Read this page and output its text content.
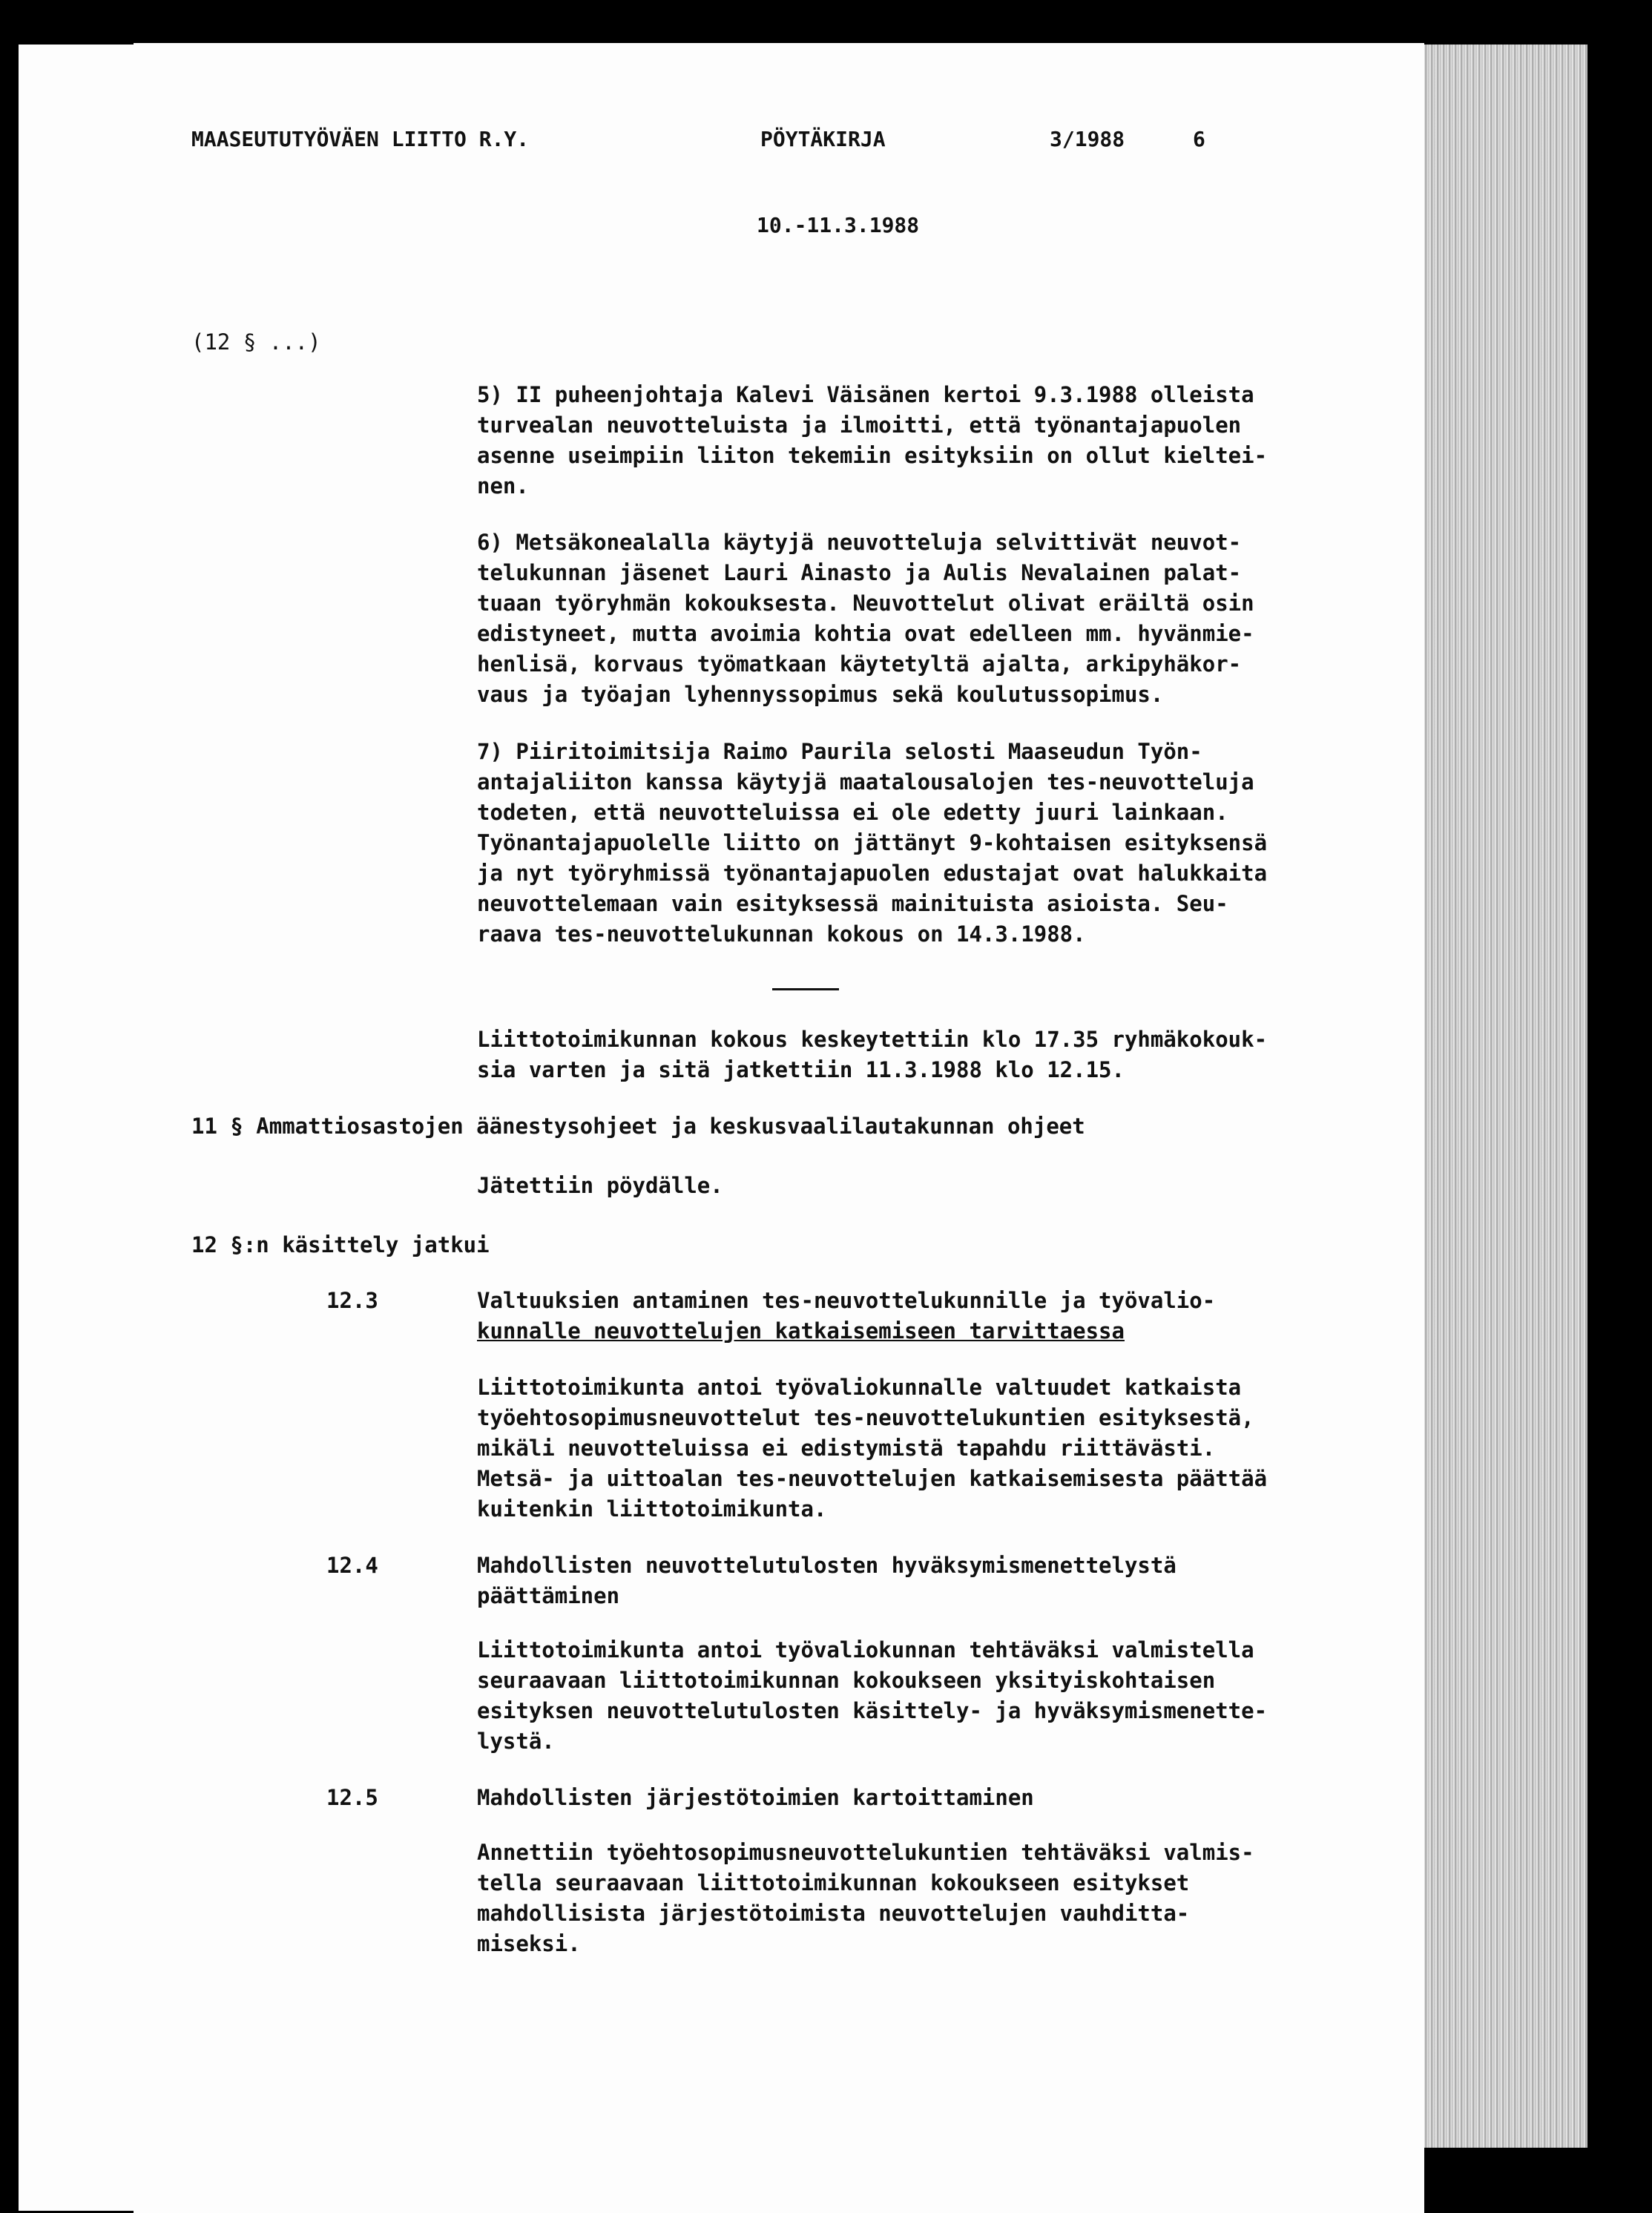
MAASEUTUTYÖVÄEN LIITTO R.Y.	PÖYTÄKIRJA	3/1988	6
10.-11.3.1988
(12 § ...)
5) II puheenjohtaja Kalevi Väisänen kertoi 9.3.1988 olleista
turvealan neuvotteluista ja ilmoitti, että työnantajapuolen
asenne useimpiin liiton tekemiin esityksiin on ollut kieltei-
nen.
6) Metsäkonealalla käytyjä neuvotteluja selvittivät neuvot-
telukunnan jäsenet Lauri Ainasto ja Aulis Nevalainen palat-
tuaan työryhmän kokouksesta. Neuvottelut olivat eräiltä osin
edistyneet, mutta avoimia kohtia ovat edelleen mm. hyvänmie-
henlisä, korvaus työmatkaan käytetyltä ajalta, arkipyhäkor-
vaus ja työajan lyhennyssopimus sekä koulutussopimus.
7) Piiritoimitsija Raimo Paurila selosti Maaseudun Työn-
antajaliiton kanssa käytyjä maatalousalojen tes-neuvotteluja
todeten, että neuvotteluissa ei ole edetty juuri lainkaan.
Työnantajapuolelle liitto on jättänyt 9-kohtaisen esityksensä
ja nyt työryhmissä työnantajapuolen edustajat ovat halukkaita
neuvottelemaan vain esityksessä mainituista asioista. Seu-
raava tes-neuvottelukunnan kokous on 14.3.1988.
Liittotoimikunnan kokous keskeytettiin klo 17.35 ryhmäkokouk-
sia varten ja sitä jatkettiin 11.3.1988 klo 12.15.
11 § Ammattiosastojen äänestysohjeet ja keskusvaalilautakunnan ohjeet
Jätettiin pöydälle.
12 §:n käsittely jatkui
12.3	Valtuuksien antaminen tes-neuvottelukunnille ja työvalio-
kunnalle neuvottelujen katkaisemiseen tarvittaessa
Liittotoimikunta antoi työvaliokunnalle valtuudet katkaista
työehtosopimusneuvottelut tes-neuvottelukuntien esityksestä,
mikäli neuvotteluissa ei edistymistä tapahdu riittävästi.
Metsä- ja uittoalan tes-neuvottelujen katkaisemisesta päättää
kuitenkin liittotoimikunta.
12.4	Mahdollisten neuvottelutulosten hyväksymismenettelystä
päättäminen
Liittotoimikunta antoi työvaliokunnan tehtäväksi valmistella
seuraavaan liittotoimikunnan kokoukseen yksityiskohtaisen
esityksen neuvottelutulosten käsittely- ja hyväksymismenette-
lystä.
12.5	Mahdollisten järjestötoimien kartoittaminen
Annettiin työehtosopimusneuvottelukuntien tehtäväksi valmis-
tella seuraavaan liittotoimikunnan kokoukseen esitykset
mahdollisista järjestötoimista neuvottelujen vauhditta-
miseksi.
